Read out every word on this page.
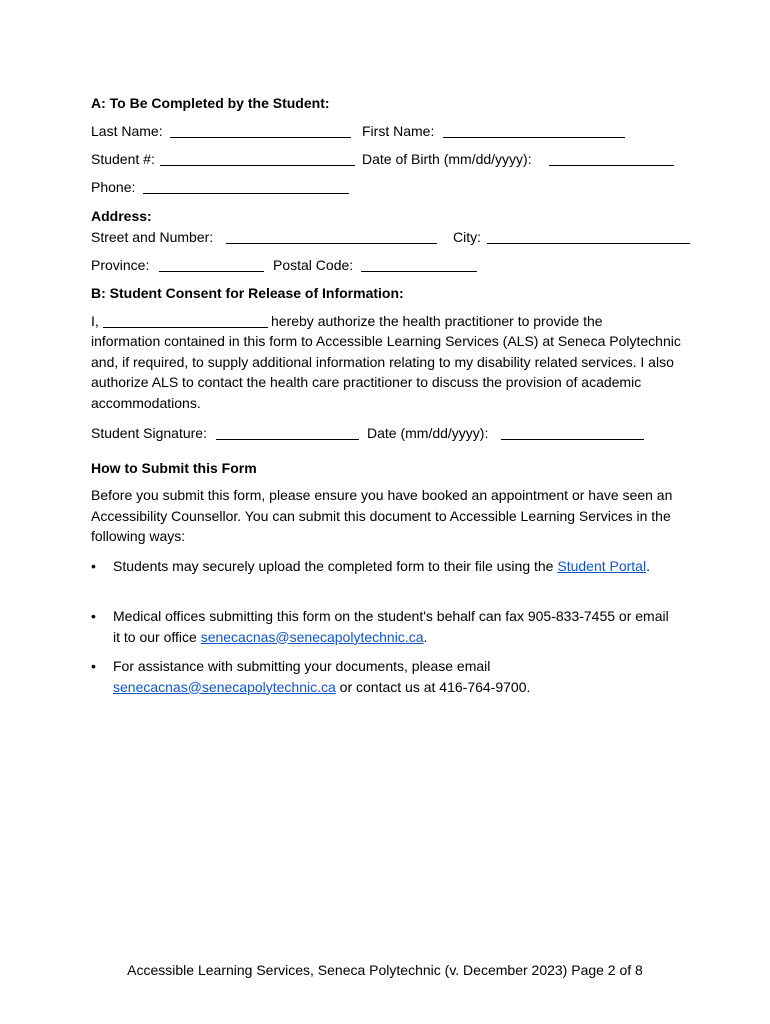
A: To Be Completed by the Student:
Last Name:	First Name:
Student #:	Date of Birth (mm/dd/yyyy):
Phone:
Address:
Street and Number:	City:
Province:	Postal Code:
B: Student Consent for Release of Information:
I,	hereby authorize the health practitioner to provide the
information contained in this form to Accessible Learning Services (ALS) at Seneca Polytechnic and, if required, to supply additional information relating to my disability related services. I also authorize ALS to contact the health care practitioner to discuss the provision of academic accommodations.
Student Signature:	Date (mm/dd/yyyy):
How to Submit this Form
Before you submit this form, please ensure you have booked an appointment or have seen an Accessibility Counsellor. You can submit this document to Accessible Learning Services in the following ways:
• Students may securely upload the completed form to their file using the Student Portal.
• Medical offices submitting this form on the student's behalf can fax 905-833-7455 or email it to our office senecacnas@senecapolytechnic.ca.
• For assistance with submitting your documents, please email senecacnas@senecapolytechnic.ca or contact us at 416-764-9700.
Accessible Learning Services, Seneca Polytechnic (v. December 2023) Page 2 of 8
